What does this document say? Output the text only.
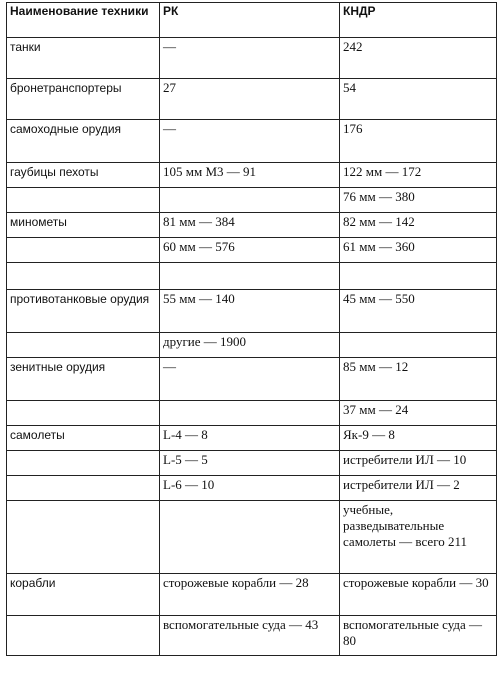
Наименование техники	РК	КНДР
танки	—	242
бронетранспортеры	27	54
самоходные орудия	—	176
гаубицы пехоты	105 мм М3 — 91	122 мм — 172
		76 мм — 380
минометы	81 мм — 384	82 мм — 142
	60 мм — 576	61 мм — 360

противотанковые орудия	55 мм — 140	45 мм — 550
	другие — 1900	
зенитные орудия	—	85 мм — 12
		37 мм — 24
самолеты	L-4 — 8	Як-9 — 8
	L-5 — 5	истребители ИЛ — 10
	L-6 — 10	истребители ИЛ — 2
		учебные, разведывательные самолеты — всего 211
корабли	сторожевые корабли — 28	сторожевые корабли — 30
	вспомогательные суда — 43	вспомогательные суда — 80
